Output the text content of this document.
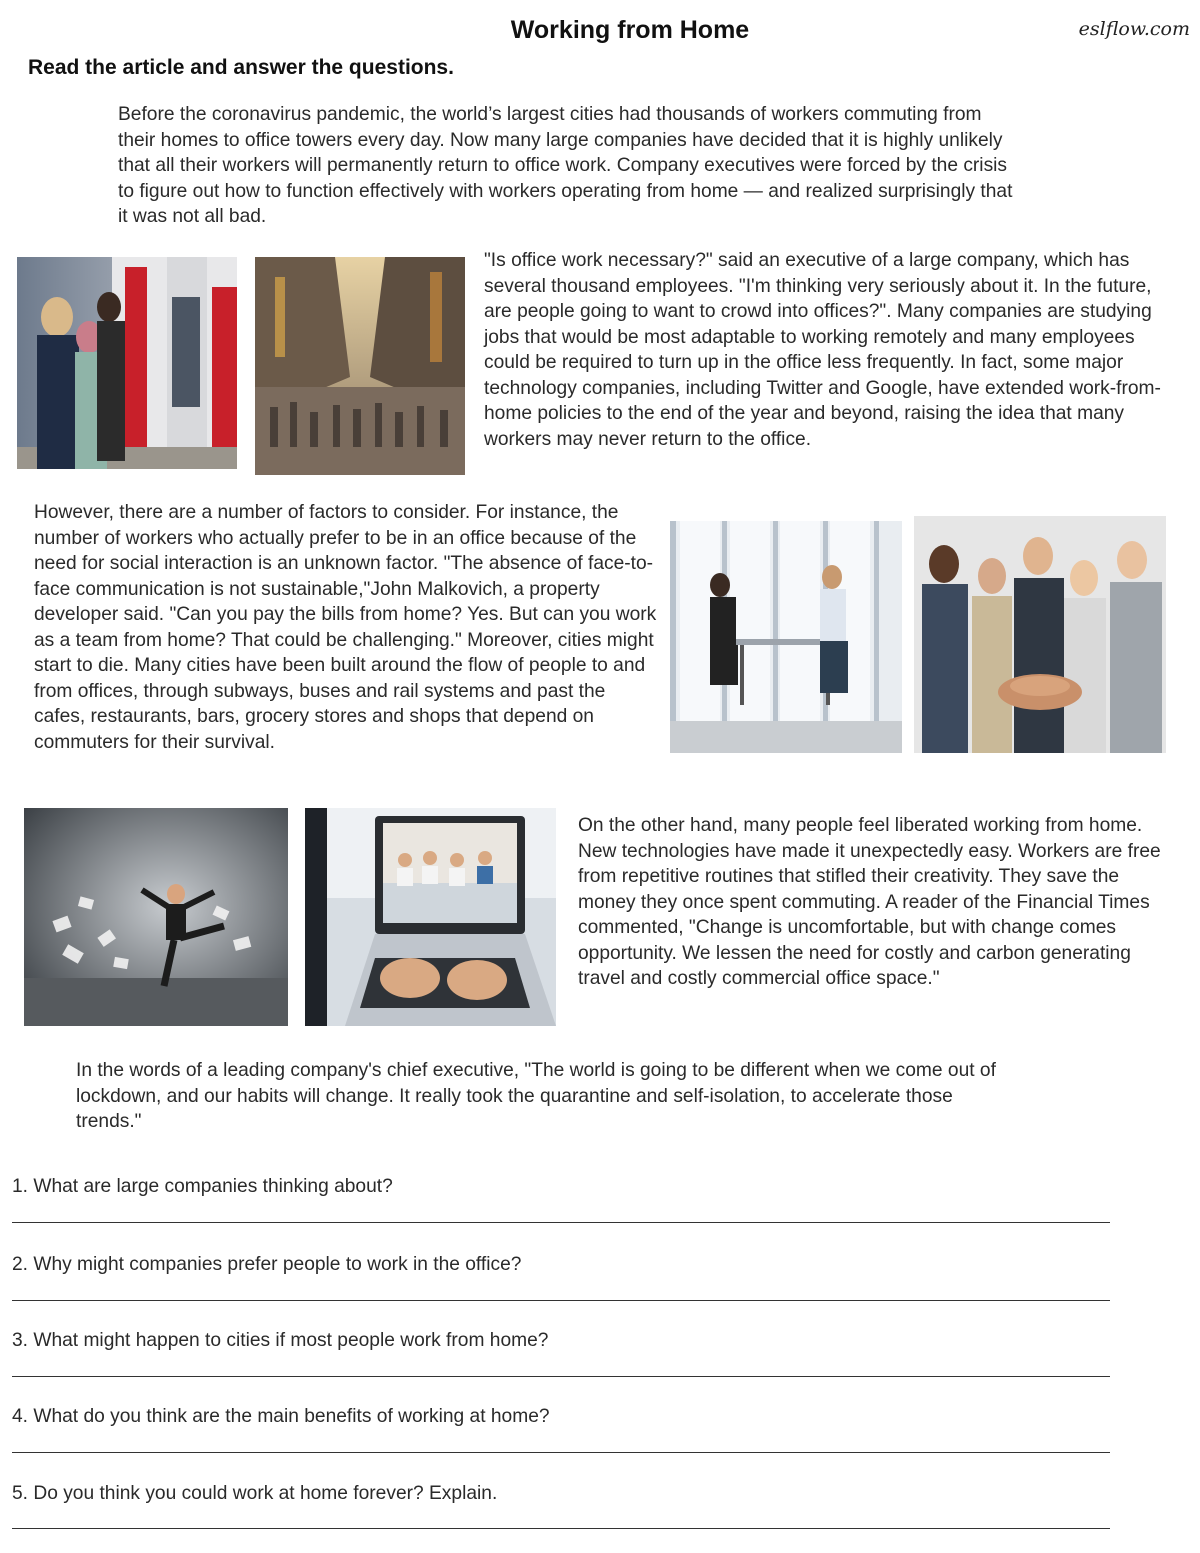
Working from Home	eslflow.com
Read the article and answer the questions.
Before the coronavirus pandemic, the world’s largest cities had thousands of workers commuting from their homes to office towers every day. Now many large companies have decided that it is highly unlikely that all their workers will permanently return to office work. Company executives were forced by the crisis to figure out how to function effectively with workers operating from home — and realized surprisingly that it was not all bad.
"Is office work necessary?" said an executive of a large company, which has several thousand employees. "I'm thinking very seriously about it. In the future, are people going to want to crowd into offices?". Many companies are studying jobs that would be most adaptable to working remotely and many employees could be required to turn up in the office less frequently. In fact, some major technology companies, including Twitter and Google, have extended work-from-home policies to the end of the year and beyond, raising the idea that many workers may never return to the office.
However, there are a number of factors to consider. For instance, the number of workers who actually prefer to be in an office because of the need for social interaction is an unknown factor. "The absence of face-to-face communication is not sustainable,"John Malkovich, a property developer said. "Can you pay the bills from home? Yes. But can you work as a team from home? That could be challenging." Moreover, cities might start to die. Many cities have been built around the flow of people to and from offices, through subways, buses and rail systems and past the cafes, restaurants, bars, grocery stores and shops that depend on commuters for their survival.
On the other hand, many people feel liberated working from home. New technologies have made it unexpectedly easy. Workers are free from repetitive routines that stifled their creativity. They save the money they once spent commuting. A reader of the Financial Times commented, "Change is uncomfortable, but with change comes opportunity. We lessen the need for costly and carbon generating travel and costly commercial office space."
In the words of a leading company's chief executive, "The world is going to be different when we come out of lockdown, and our habits will change. It really took the quarantine and self-isolation, to accelerate those trends."
1. What are large companies thinking about?
2. Why might companies prefer people to work in the office?
3. What might happen to cities if most people work from home?
4. What do you think are the main benefits of working at home?
5. Do you think you could work at home forever? Explain.
